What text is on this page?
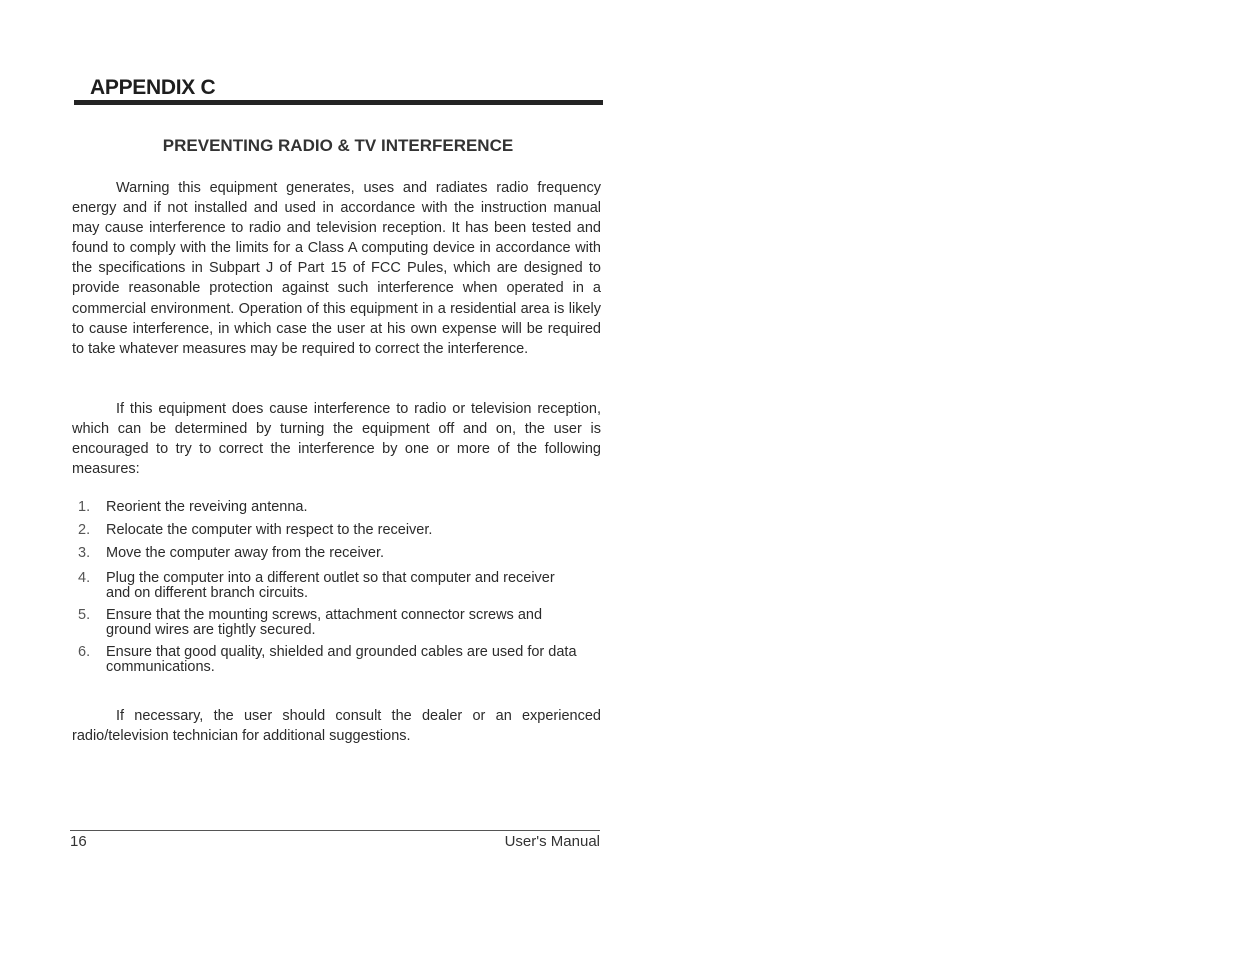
APPENDIX C
PREVENTING RADIO & TV INTERFERENCE

Warning this equipment generates, uses and radiates radio frequency energy and if not installed and used in accordance with the instruction manual may cause interference to radio and television reception. It has been tested and found to comply with the limits for a Class A computing device in accordance with the specifications in Subpart J of Part 15 of FCC Pules, which are designed to provide reasonable protection against such interference when operated in a commercial environment. Operation of this equipment in a residential area is likely to cause interference, in which case the user at his own expense will be required to take whatever measures may be required to correct the interference.

If this equipment does cause interference to radio or television reception, which can be determined by turning the equipment off and on, the user is encouraged to try to correct the interference by one or more of the following measures:

1.	Reorient the reveiving antenna.
2.	Relocate the computer with respect to the receiver.
3.	Move the computer away from the receiver.
4.	Plug the computer into a different outlet so that computer and receiver and on different branch circuits.
5.	Ensure that the mounting screws, attachment connector screws and ground wires are tightly secured.
6.	Ensure that good quality, shielded and grounded cables are used for data communications.

If necessary, the user should consult the dealer or an experienced radio/television technician for additional suggestions.

16	User's Manual
